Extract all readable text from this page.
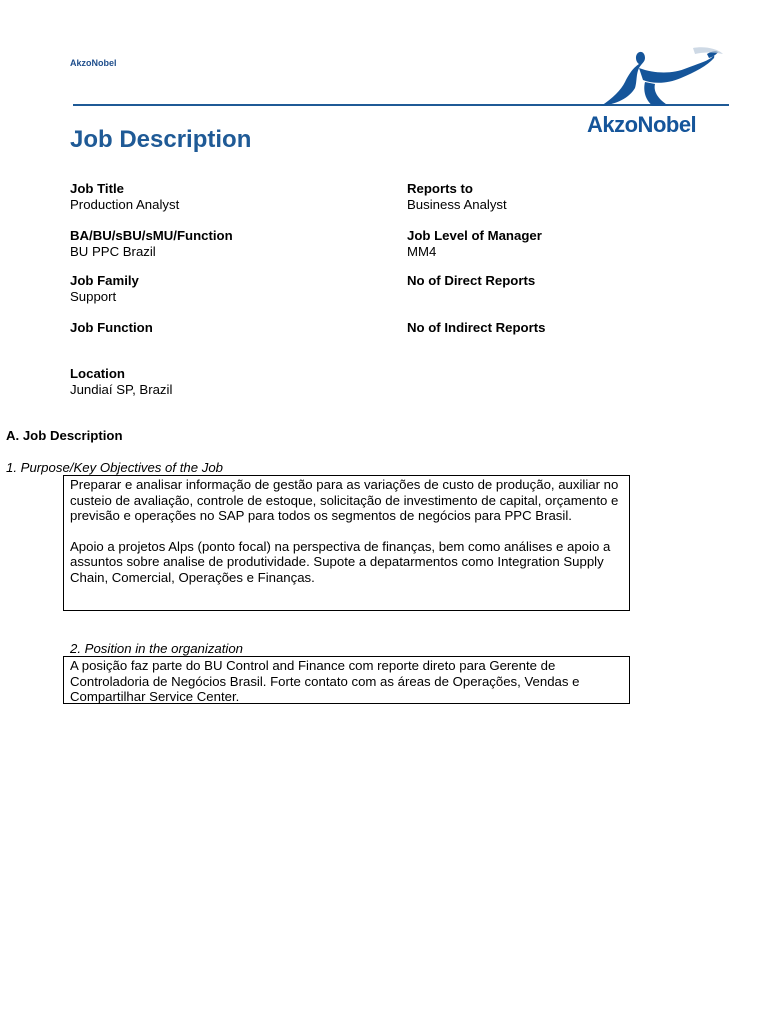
AkzoNobel
AkzoNobel
Job Description
Job Title
Production Analyst
BA/BU/sBU/sMU/Function
BU PPC Brazil
Job Family
Support
Job Function
Location
Jundiaí SP, Brazil
Reports to
Business Analyst
Job Level of Manager
MM4
No of Direct Reports
No of Indirect Reports
A. Job Description
1. Purpose/Key Objectives of the Job

Preparar e analisar informação de gestão para as variações de custo de produção, auxiliar no custeio de avaliação, controle de estoque, solicitação de investimento de capital, orçamento e previsão e operações no SAP para todos os segmentos de negócios para PPC Brasil.

Apoio a projetos Alps (ponto focal) na perspectiva de finanças, bem como análises e apoio a assuntos sobre analise de produtividade. Supote a depatarmentos como Integration Supply Chain, Comercial, Operações e Finanças.

2. Position in the organization

A posição faz parte do BU Control and Finance com reporte direto para Gerente de Controladoria de Negócios Brasil. Forte contato com as áreas de Operações, Vendas e Compartilhar Service Center.
